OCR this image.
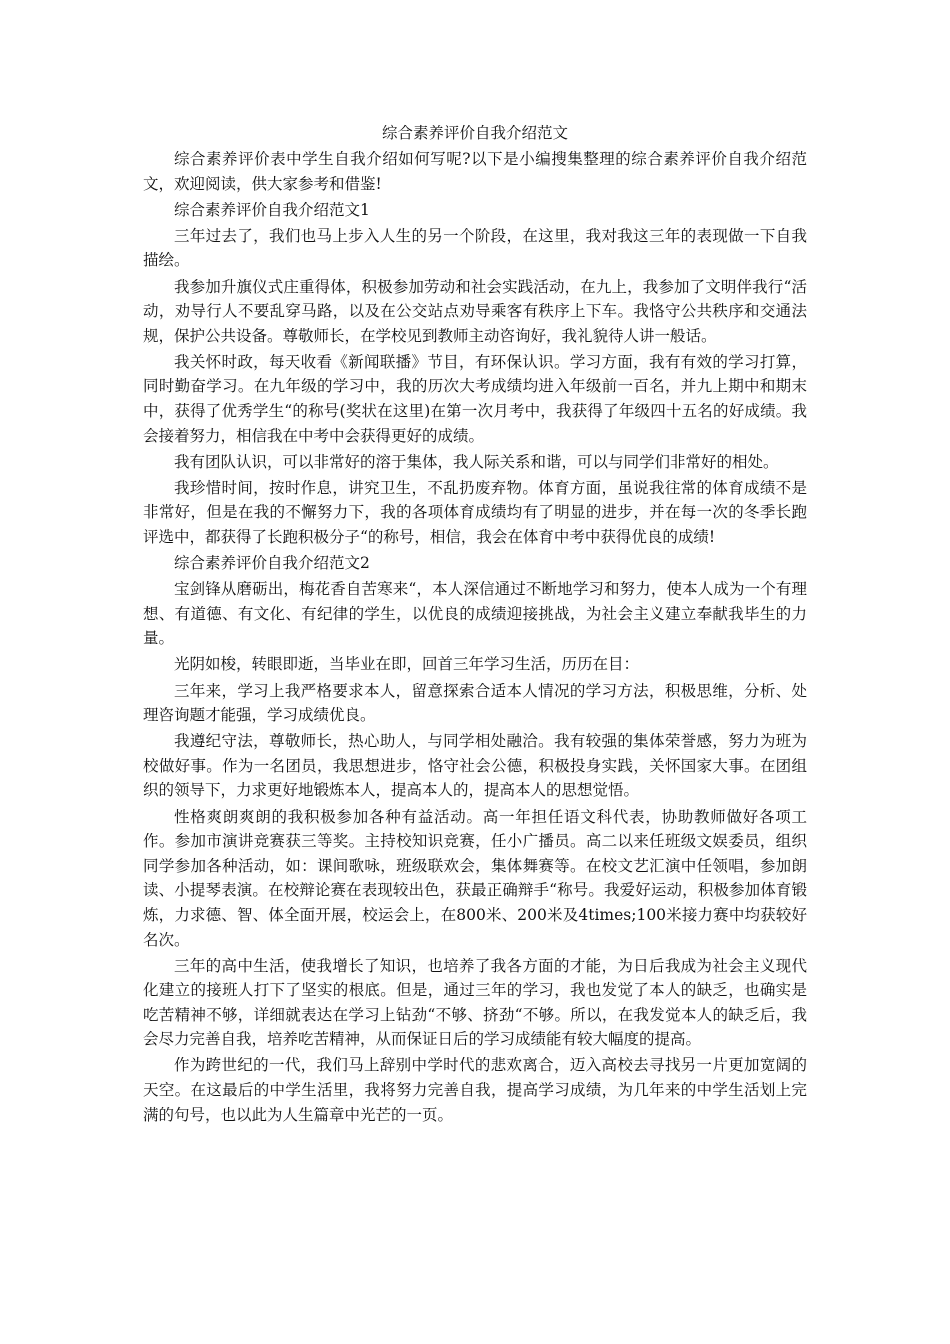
综合素养评价自我介绍范文
综合素养评价表中学生自我介绍如何写呢?以下是小编搜集整理的综合素养评价自我介绍范文，欢迎阅读，供大家参考和借鉴!
综合素养评价自我介绍范文1
三年过去了，我们也马上步入人生的另一个阶段，在这里，我对我这三年的表现做一下自我描绘。
我参加升旗仪式庄重得体，积极参加劳动和社会实践活动，在九上，我参加了文明伴我行“活动，劝导行人不要乱穿马路，以及在公交站点劝导乘客有秩序上下车。我恪守公共秩序和交通法规，保护公共设备。尊敬师长，在学校见到教师主动咨询好，我礼貌待人讲一般话。
我关怀时政，每天收看《新闻联播》节目，有环保认识。学习方面，我有有效的学习打算，同时勤奋学习。在九年级的学习中，我的历次大考成绩均进入年级前一百名，并九上期中和期末中，获得了优秀学生“的称号(奖状在这里)在第一次月考中，我获得了年级四十五名的好成绩。我会接着努力，相信我在中考中会获得更好的成绩。
我有团队认识，可以非常好的溶于集体，我人际关系和谐，可以与同学们非常好的相处。
我珍惜时间，按时作息，讲究卫生，不乱扔废弃物。体育方面，虽说我往常的体育成绩不是非常好，但是在我的不懈努力下，我的各项体育成绩均有了明显的进步，并在每一次的冬季长跑评选中，都获得了长跑积极分子“的称号，相信，我会在体育中考中获得优良的成绩!
综合素养评价自我介绍范文2
宝剑锋从磨砺出，梅花香自苦寒来“，本人深信通过不断地学习和努力，使本人成为一个有理想、有道德、有文化、有纪律的学生，以优良的成绩迎接挑战，为社会主义建立奉献我毕生的力量。
光阴如梭，转眼即逝，当毕业在即，回首三年学习生活，历历在目：
三年来，学习上我严格要求本人，留意探索合适本人情况的学习方法，积极思维，分析、处理咨询题才能强，学习成绩优良。
我遵纪守法，尊敬师长，热心助人，与同学相处融洽。我有较强的集体荣誉感，努力为班为校做好事。作为一名团员，我思想进步，恪守社会公德，积极投身实践，关怀国家大事。在团组织的领导下，力求更好地锻炼本人，提高本人的，提高本人的思想觉悟。
性格爽朗爽朗的我积极参加各种有益活动。高一年担任语文科代表，协助教师做好各项工作。参加市演讲竞赛获三等奖。主持校知识竞赛，任小广播员。高二以来任班级文娱委员，组织同学参加各种活动，如：课间歌咏，班级联欢会，集体舞赛等。在校文艺汇演中任领唱，参加朗读、小提琴表演。在校辩论赛在表现较出色，获最正确辩手“称号。我爱好运动，积极参加体育锻炼，力求德、智、体全面开展，校运会上，在800米、200米及4times;100米接力赛中均获较好名次。
三年的高中生活，使我增长了知识，也培养了我各方面的才能，为日后我成为社会主义现代化建立的接班人打下了坚实的根底。但是，通过三年的学习，我也发觉了本人的缺乏，也确实是吃苦精神不够，详细就表达在学习上钻劲“不够、挤劲“不够。所以，在我发觉本人的缺乏后，我会尽力完善自我，培养吃苦精神，从而保证日后的学习成绩能有较大幅度的提高。
作为跨世纪的一代，我们马上辞别中学时代的悲欢离合，迈入高校去寻找另一片更加宽阔的天空。在这最后的中学生活里，我将努力完善自我，提高学习成绩，为几年来的中学生活划上完满的句号，也以此为人生篇章中光芒的一页。
